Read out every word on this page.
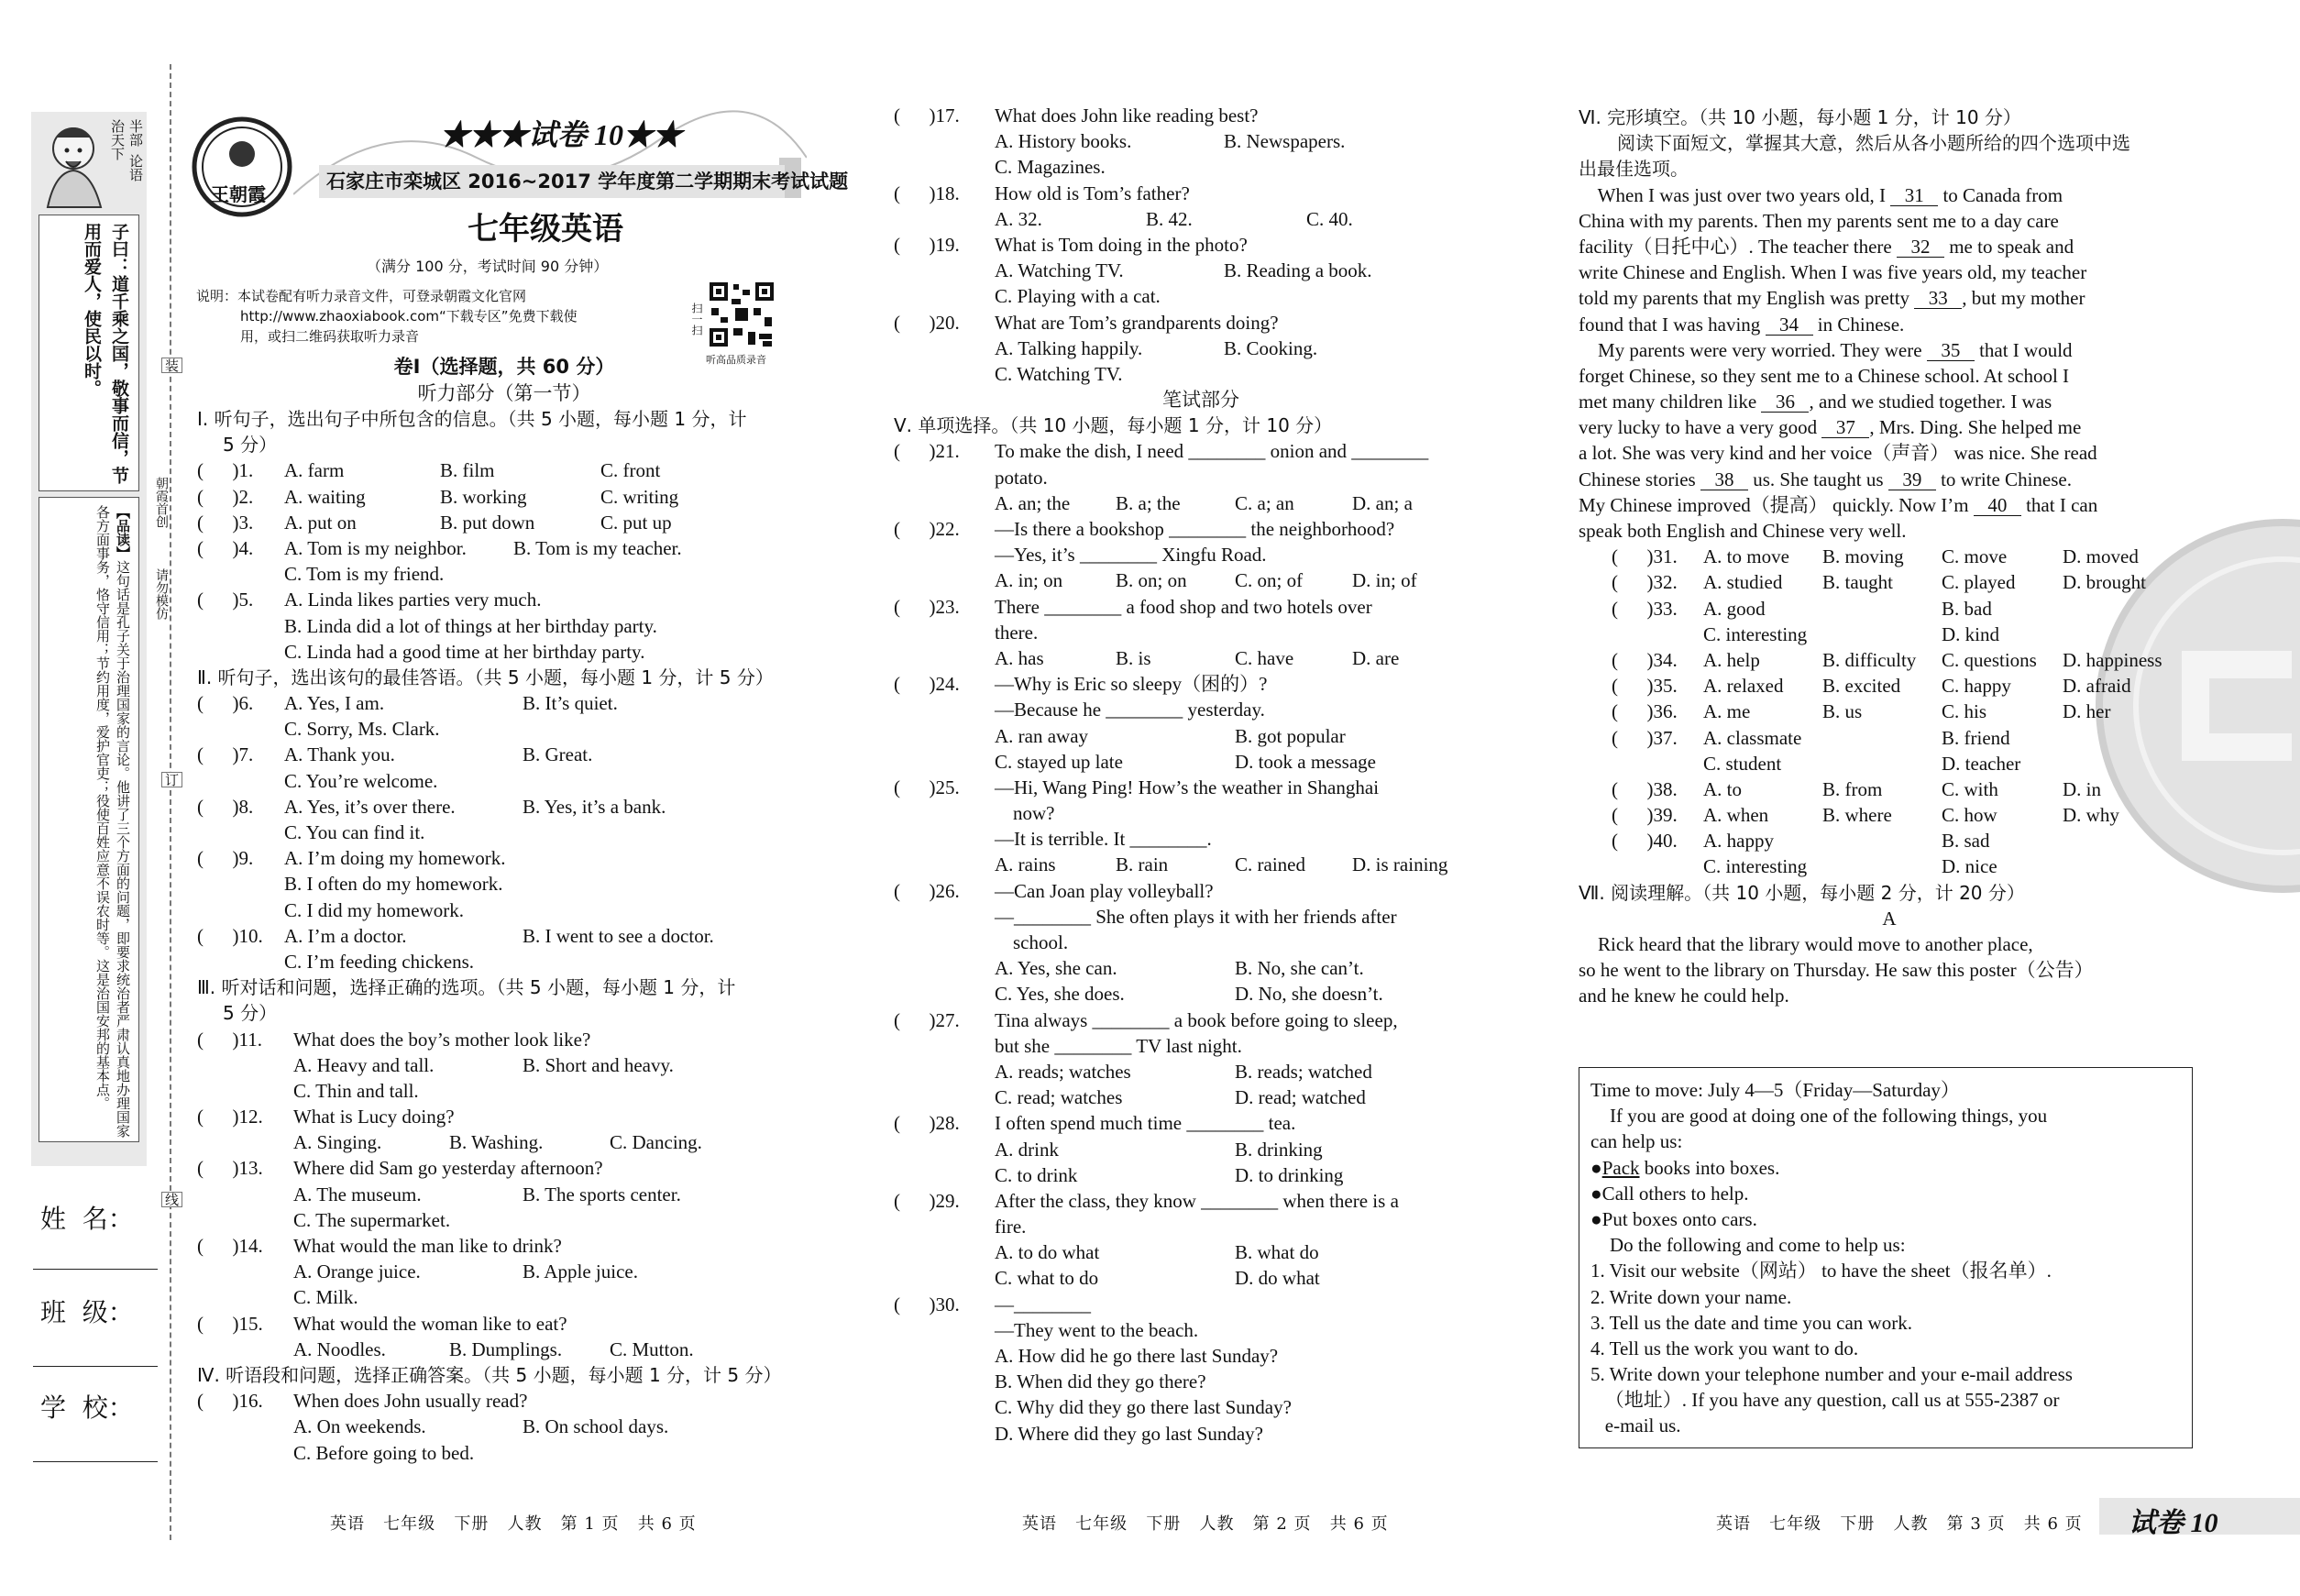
半部
论语
治天下
子曰：道千乘之国，敬事而信，节用而爱人，使民以时。
【品读】这句话是孔子关于治理国家的言论。他讲了三个方面的问题，即要求统治者严肃认真地办理国家各方面事务，恪守信用；节约用度，爱护官吏；役使百姓应意不误农时等。这是治国安邦的基本点。
朝霞首创
请勿模仿
装
订
线
姓  名：
班  级：
学  校：
王朝霞
★★★试卷 10★★
石家庄市栾城区 2016~2017 学年度第二学期期末考试试题
七年级英语
（满分 100 分，考试时间 90 分钟）
说明：本试卷配有听力录音文件，可登录朝霞文化官网
http://www.zhaoxiabook.com“下载专区”免费下载使
用，或扫二维码获取听力录音
扫一扫
听高品质录音
卷Ⅰ（选择题，共 60 分）
听力部分（第一节）
Ⅰ. 听句子，选出句子中所包含的信息。（共 5 小题，每小题 1 分，计
5 分）
(      )1. A. farm	B. film	C. front
(      )2. A. waiting	B. working	C. writing
(      )3. A. put on	B. put down	C. put up
(      )4. A. Tom is my neighbor. B. Tom is my teacher.
C. Tom is my friend.
(      )5. A. Linda likes parties very much.
B. Linda did a lot of things at her birthday party.
C. Linda had a good time at her birthday party.
Ⅱ. 听句子，选出该句的最佳答语。（共 5 小题，每小题 1 分，计 5 分）
(      )6. A. Yes, I am.	B. It’s quiet.
C. Sorry, Ms. Clark.
(      )7. A. Thank you.	B. Great.
C. You’re welcome.
(      )8. A. Yes, it’s over there.	B. Yes, it’s a bank.
C. You can find it.
(      )9. A. I’m doing my homework.
B. I often do my homework.
C. I did my homework.
(      )10. A. I’m a doctor.	B. I went to see a doctor.
C. I’m feeding chickens.
Ⅲ. 听对话和问题，选择正确的选项。（共 5 小题，每小题 1 分，计
5 分）
(      )11. What does the boy’s mother look like?
A. Heavy and tall.	B. Short and heavy.
C. Thin and tall.
(      )12. What is Lucy doing?
A. Singing.	B. Washing.	C. Dancing.
(      )13. Where did Sam go yesterday afternoon?
A. The museum.	B. The sports center.
C. The supermarket.
(      )14. What would the man like to drink?
A. Orange juice.	B. Apple juice.
C. Milk.
(      )15. What would the woman like to eat?
A. Noodles.	B. Dumplings. C. Mutton.
Ⅳ. 听语段和问题，选择正确答案。（共 5 小题，每小题 1 分，计 5 分）
(      )16. When does John usually read?
A. On weekends.	B. On school days.
C. Before going to bed.
(      )17. What does John like reading best?
A. History books.	B. Newspapers.
C. Magazines.
(      )18. How old is Tom’s father?
A. 32.	B. 42.	C. 40.
(      )19. What is Tom doing in the photo?
A. Watching TV.	B. Reading a book.
C. Playing with a cat.
(      )20. What are Tom’s grandparents doing?
A. Talking happily.	B. Cooking.
C. Watching TV.
笔试部分
Ⅴ. 单项选择。（共 10 小题，每小题 1 分，计 10 分）
(      )21. To make the dish, I need ________ onion and ________
potato.
A. an; the B. a; the	C. a; an	D. an; a
(      )22. —Is there a bookshop ________ the neighborhood?
—Yes, it’s ________ Xingfu Road.
A. in; on	B. on; on C. on; of	D. in; of
(      )23. There ________ a food shop and two hotels over
there.
A. has	B. is	C. have	D. are
(      )24. —Why is Eric so sleepy（困的）?
—Because he ________ yesterday.
A. ran away	B. got popular
C. stayed up late	D. took a message
(      )25. —Hi, Wang Ping! How’s the weather in Shanghai
now?
—It is terrible. It ________.
A. rains	B. rain	C. rained D. is raining
(      )26. —Can Joan play volleyball?
—________ She often plays it with her friends after
school.
A. Yes, she can.	B. No, she can’t.
C. Yes, she does.	D. No, she doesn’t.
(      )27. Tina always ________ a book before going to sleep,
but she ________ TV last night.
A. reads; watches	B. reads; watched
C. read; watches	D. read; watched
(      )28. I often spend much time ________ tea.
A. drink	B. drinking
C. to drink	D. to drinking
(      )29. After the class, they know ________ when there is a
fire.
A. to do what	B. what do
C. what to do	D. do what
(      )30. —________
—They went to the beach.
A. How did he go there last Sunday?
B. When did they go there?
C. Why did they go there last Sunday?
D. Where did they go last Sunday?
Ⅵ. 完形填空。（共 10 小题，每小题 1 分，计 10 分）
阅读下面短文，掌握其大意，然后从各小题所给的四个选项中选
出最佳选项。
When I was just over two years old, I 31 to Canada from
China with my parents. Then my parents sent me to a day care
facility（日托中心）. The teacher there 32 me to speak and
write Chinese and English. When I was five years old, my teacher
told my parents that my English was pretty 33 , but my mother
found that I was having 34 in Chinese.
My parents were very worried. They were 35 that I would
forget Chinese, so they sent me to a Chinese school. At school I
met many children like 36 , and we studied together. I was
very lucky to have a very good 37 , Mrs. Ding. She helped me
a lot. She was very kind and her voice（声音） was nice. She read
Chinese stories 38 us. She taught us 39 to write Chinese.
My Chinese improved（提高） quickly. Now I’m 40 that I can
speak both English and Chinese very well.
(      )31. A. to move B. moving C. move	D. moved
(      )32. A. studied B. taught	C. played D. brought
(      )33. A. good	B. bad
C. interesting	D. kind
(      )34. A. help	B. difficulty C. questions D. happiness
(      )35. A. relaxed B. excited C. happy	D. afraid
(      )36. A. me	B. us	C. his	D. her
(      )37. A. classmate	B. friend
C. student	D. teacher
(      )38. A. to	B. from	C. with	D. in
(      )39. A. when	B. where	C. how	D. why
(      )40. A. happy	B. sad
C. interesting	D. nice
Ⅶ. 阅读理解。（共 10 小题，每小题 2 分，计 20 分）
A
Rick heard that the library would move to another place,
so he went to the library on Thursday. He saw this poster（公告）
and he knew he could help.
Time to move: July 4—5（Friday—Saturday）
If you are good at doing one of the following things, you
can help us:
●Pack books into boxes.
●Call others to help.
●Put boxes onto cars.
Do the following and come to help us:
1. Visit our website（网站） to have the sheet（报名单）.
2. Write down your name.
3. Tell us the date and time you can work.
4. Tell us the work you want to do.
5. Write down your telephone number and your e-mail address
（地址）. If you have any question, call us at 555-2387 or
e-mail us.
英语   七年级   下册   人教   第 1 页   共 6 页	英语   七年级   下册   人教   第 2 页   共 6 页	英语   七年级   下册   人教   第 3 页   共 6 页 试卷 10
